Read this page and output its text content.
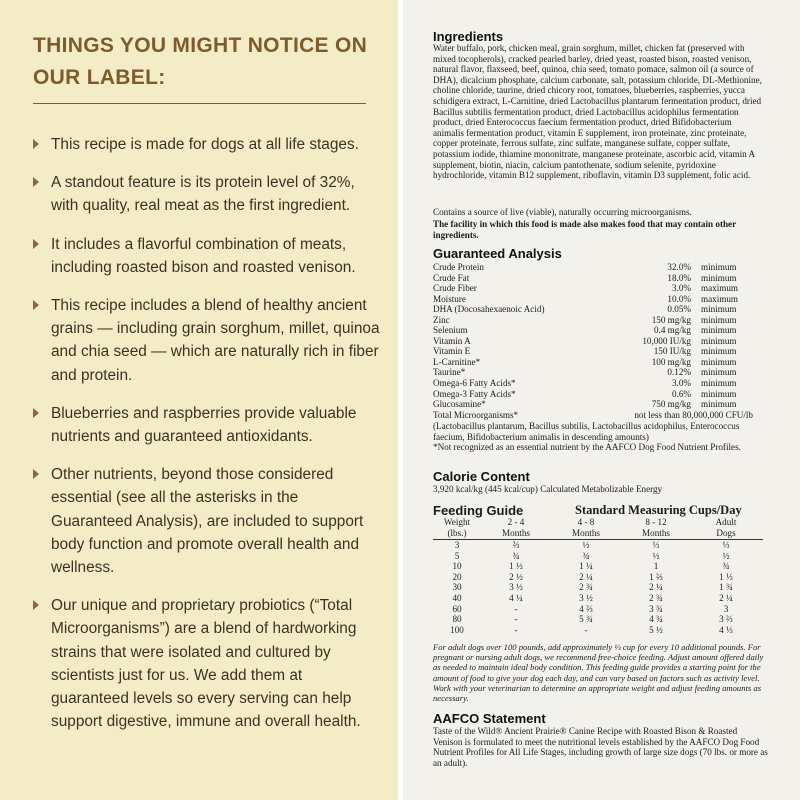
THINGS YOU MIGHT NOTICE ON OUR LABEL:
This recipe is made for dogs at all life stages.
A standout feature is its protein level of 32%, with quality, real meat as the first ingredient.
It includes a flavorful combination of meats, including roasted bison and roasted venison.
This recipe includes a blend of healthy ancient grains — including grain sorghum, millet, quinoa and chia seed — which are naturally rich in fiber and protein.
Blueberries and raspberries provide valuable nutrients and guaranteed antioxidants.
Other nutrients, beyond those considered essential (see all the asterisks in the Guaranteed Analysis), are included to support body function and promote overall health and wellness.
Our unique and proprietary probiotics (“Total Microorganisms”) are a blend of hardworking strains that were isolated and cultured by scientists just for us. We add them at guaranteed levels so every serving can help support digestive, immune and overall health.
Ingredients
Water buffalo, pork, chicken meal, grain sorghum, millet, chicken fat (preserved with mixed tocopherols), cracked pearled barley, dried yeast, roasted bison, roasted venison, natural flavor, flaxseed, beef, quinoa, chia seed, tomato pomace, salmon oil (a source of DHA), dicalcium phosphate, calcium carbonate, salt, potassium chloride, DL-Methionine, choline chloride, taurine, dried chicory root, tomatoes, blueberries, raspberries, yucca schidigera extract, L-Carnitine, dried Lactobacillus plantarum fermentation product, dried Bacillus subtilis fermentation product, dried Lactobacillus acidophilus fermentation product, dried Enterococcus faecium fermentation product, dried Bifidobacterium animalis fermentation product, vitamin E supplement, iron proteinate, zinc proteinate, copper proteinate, ferrous sulfate, zinc sulfate, manganese sulfate, copper sulfate, potassium iodide, thiamine mononitrate, manganese proteinate, ascorbic acid, vitamin A supplement, biotin, niacin, calcium pantothenate, sodium selenite, pyridoxine hydrochloride, vitamin B12 supplement, riboflavin, vitamin D3 supplement, folic acid.
Contains a source of live (viable), naturally occurring microorganisms.
The facility in which this food is made also makes food that may contain other ingredients.
Guaranteed Analysis
Crude Protein	32.0% minimum
Crude Fat	18.0% minimum
Crude Fiber	3.0% maximum
Moisture	10.0% maximum
DHA (Docosahexaenoic Acid)	0.05% minimum
Zinc	150 mg/kg minimum
Selenium	0.4 mg/kg minimum
Vitamin A	10,000 IU/kg minimum
Vitamin E	150 IU/kg minimum
L-Carnitine*	100 mg/kg minimum
Taurine*	0.12% minimum
Omega-6 Fatty Acids*	3.0% minimum
Omega-3 Fatty Acids*	0.6% minimum
Glucosamine*	750 mg/kg minimum
Total Microorganisms*	not less than 80,000,000 CFU/lb
(Lactobacillus plantarum, Bacillus subtilis, Lactobacillus acidophilus, Enterococcus faecium, Bifidobacterium animalis in descending amounts)
*Not recognized as an essential nutrient by the AAFCO Dog Food Nutrient Profiles.
Calorie Content
3,920 kcal/kg (445 kcal/cup) Calculated Metabolizable Energy
Feeding Guide	Standard Measuring Cups/Day
Weight	2 - 4	4 - 8	8 - 12	Adult
(lbs.)	Months	Months	Months	Dogs
3	⅔	½	⅓	⅓
5	¾	¾	½	½
10	1 ½	1 ¼	1	¾
20	2 ½	2 ¼	1 ⅔	1 ⅓
30	3 ½	2 ¾	2 ¼	1 ¾
40	4 ¼	3 ½	2 ¾	2 ¼
60	-	4 ⅔	3 ¾	3
80	-	5 ¾	4 ¾	3 ⅔
100	-	-	5 ½	4 ⅓
For adult dogs over 100 pounds, add approximately ⅓ cup for every 10 additional pounds. For pregnant or nursing adult dogs, we recommend free-choice feeding. Adjust amount offered daily as needed to maintain ideal body condition. This feeding guide provides a starting point for the amount of food to give your dog each day, and can vary based on factors such as activity level. Work with your veterinarian to determine an appropriate weight and adjust feeding amounts as necessary.
AAFCO Statement
Taste of the Wild® Ancient Prairie® Canine Recipe with Roasted Bison & Roasted Venison is formulated to meet the nutritional levels established by the AAFCO Dog Food Nutrient Profiles for All Life Stages, including growth of large size dogs (70 lbs. or more as an adult).
